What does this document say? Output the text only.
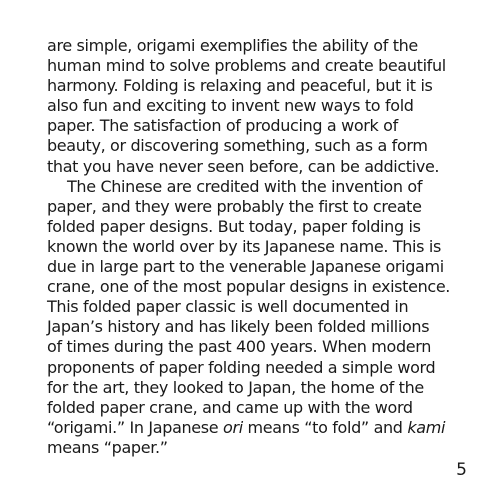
are simple, origami exemplifies the ability of the
human mind to solve problems and create beautiful
harmony. Folding is relaxing and peaceful, but it is
also fun and exciting to invent new ways to fold
paper. The satisfaction of producing a work of
beauty, or discovering something, such as a form
that you have never seen before, can be addictive.
The Chinese are credited with the invention of
paper, and they were probably the first to create
folded paper designs. But today, paper folding is
known the world over by its Japanese name. This is
due in large part to the venerable Japanese origami
crane, one of the most popular designs in existence.
This folded paper classic is well documented in
Japan’s history and has likely been folded millions
of times during the past 400 years. When modern
proponents of paper folding needed a simple word
for the art, they looked to Japan, the home of the
folded paper crane, and came up with the word
“origami.” In Japanese ori means “to fold” and kami
means “paper.”
5
